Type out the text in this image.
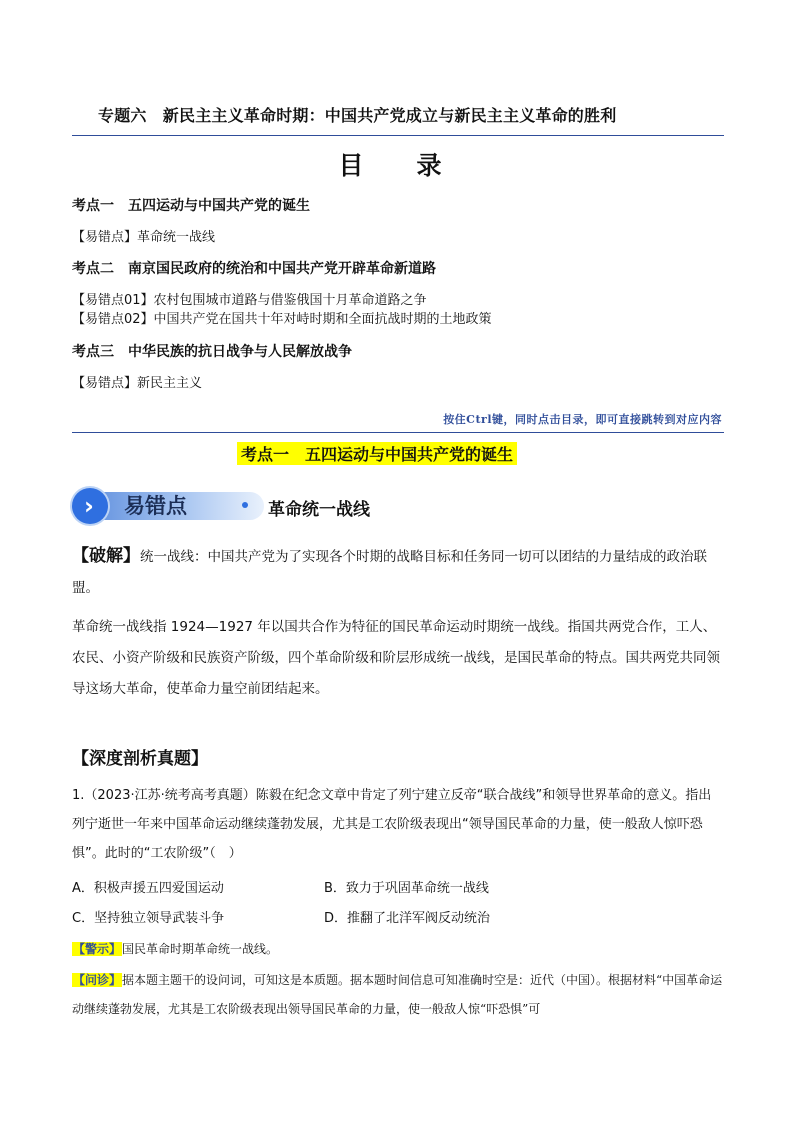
专题六　新民主主义革命时期：中国共产党成立与新民主主义革命的胜利
目　录
考点一　五四运动与中国共产党的诞生
【易错点】革命统一战线
考点二　南京国民政府的统治和中国共产党开辟革命新道路
【易错点01】农村包围城市道路与借鉴俄国十月革命道路之争
【易错点02】中国共产党在国共十年对峙时期和全面抗战时期的土地政策
考点三　中华民族的抗日战争与人民解放战争
【易错点】新民主主义
按住Ctrl键，同时点击目录，即可直接跳转到对应内容
考点一　五四运动与中国共产党的诞生
› 易错点	革命统一战线
【破解】统一战线：中国共产党为了实现各个时期的战略目标和任务同一切可以团结的力量结成的政治联盟。
革命统一战线指 1924—1927 年以国共合作为特征的国民革命运动时期统一战线。指国共两党合作，工人、农民、小资产阶级和民族资产阶级，四个革命阶级和阶层形成统一战线，是国民革命的特点。国共两党共同领导这场大革命，使革命力量空前团结起来。
【深度剖析真题】
1.（2023·江苏·统考高考真题）陈毅在纪念文章中肯定了列宁建立反帝“联合战线”和领导世界革命的意义。指出列宁逝世一年来中国革命运动继续蓬勃发展，尤其是工农阶级表现出“领导国民革命的力量，使一般敌人惊吓恐惧”。此时的“工农阶级”（　）
A．积极声援五四爱国运动	B．致力于巩固革命统一战线
C．坚持独立领导武装斗争	D．推翻了北洋军阀反动统治
【警示】国民革命时期革命统一战线。
【问诊】据本题主题干的设问词，可知这是本质题。据本题时间信息可知准确时空是：近代（中国）。根据材料“中国革命运动继续蓬勃发展，尤其是工农阶级表现出领导国民革命的力量，使一般敌人惊“吓恐惧”可
